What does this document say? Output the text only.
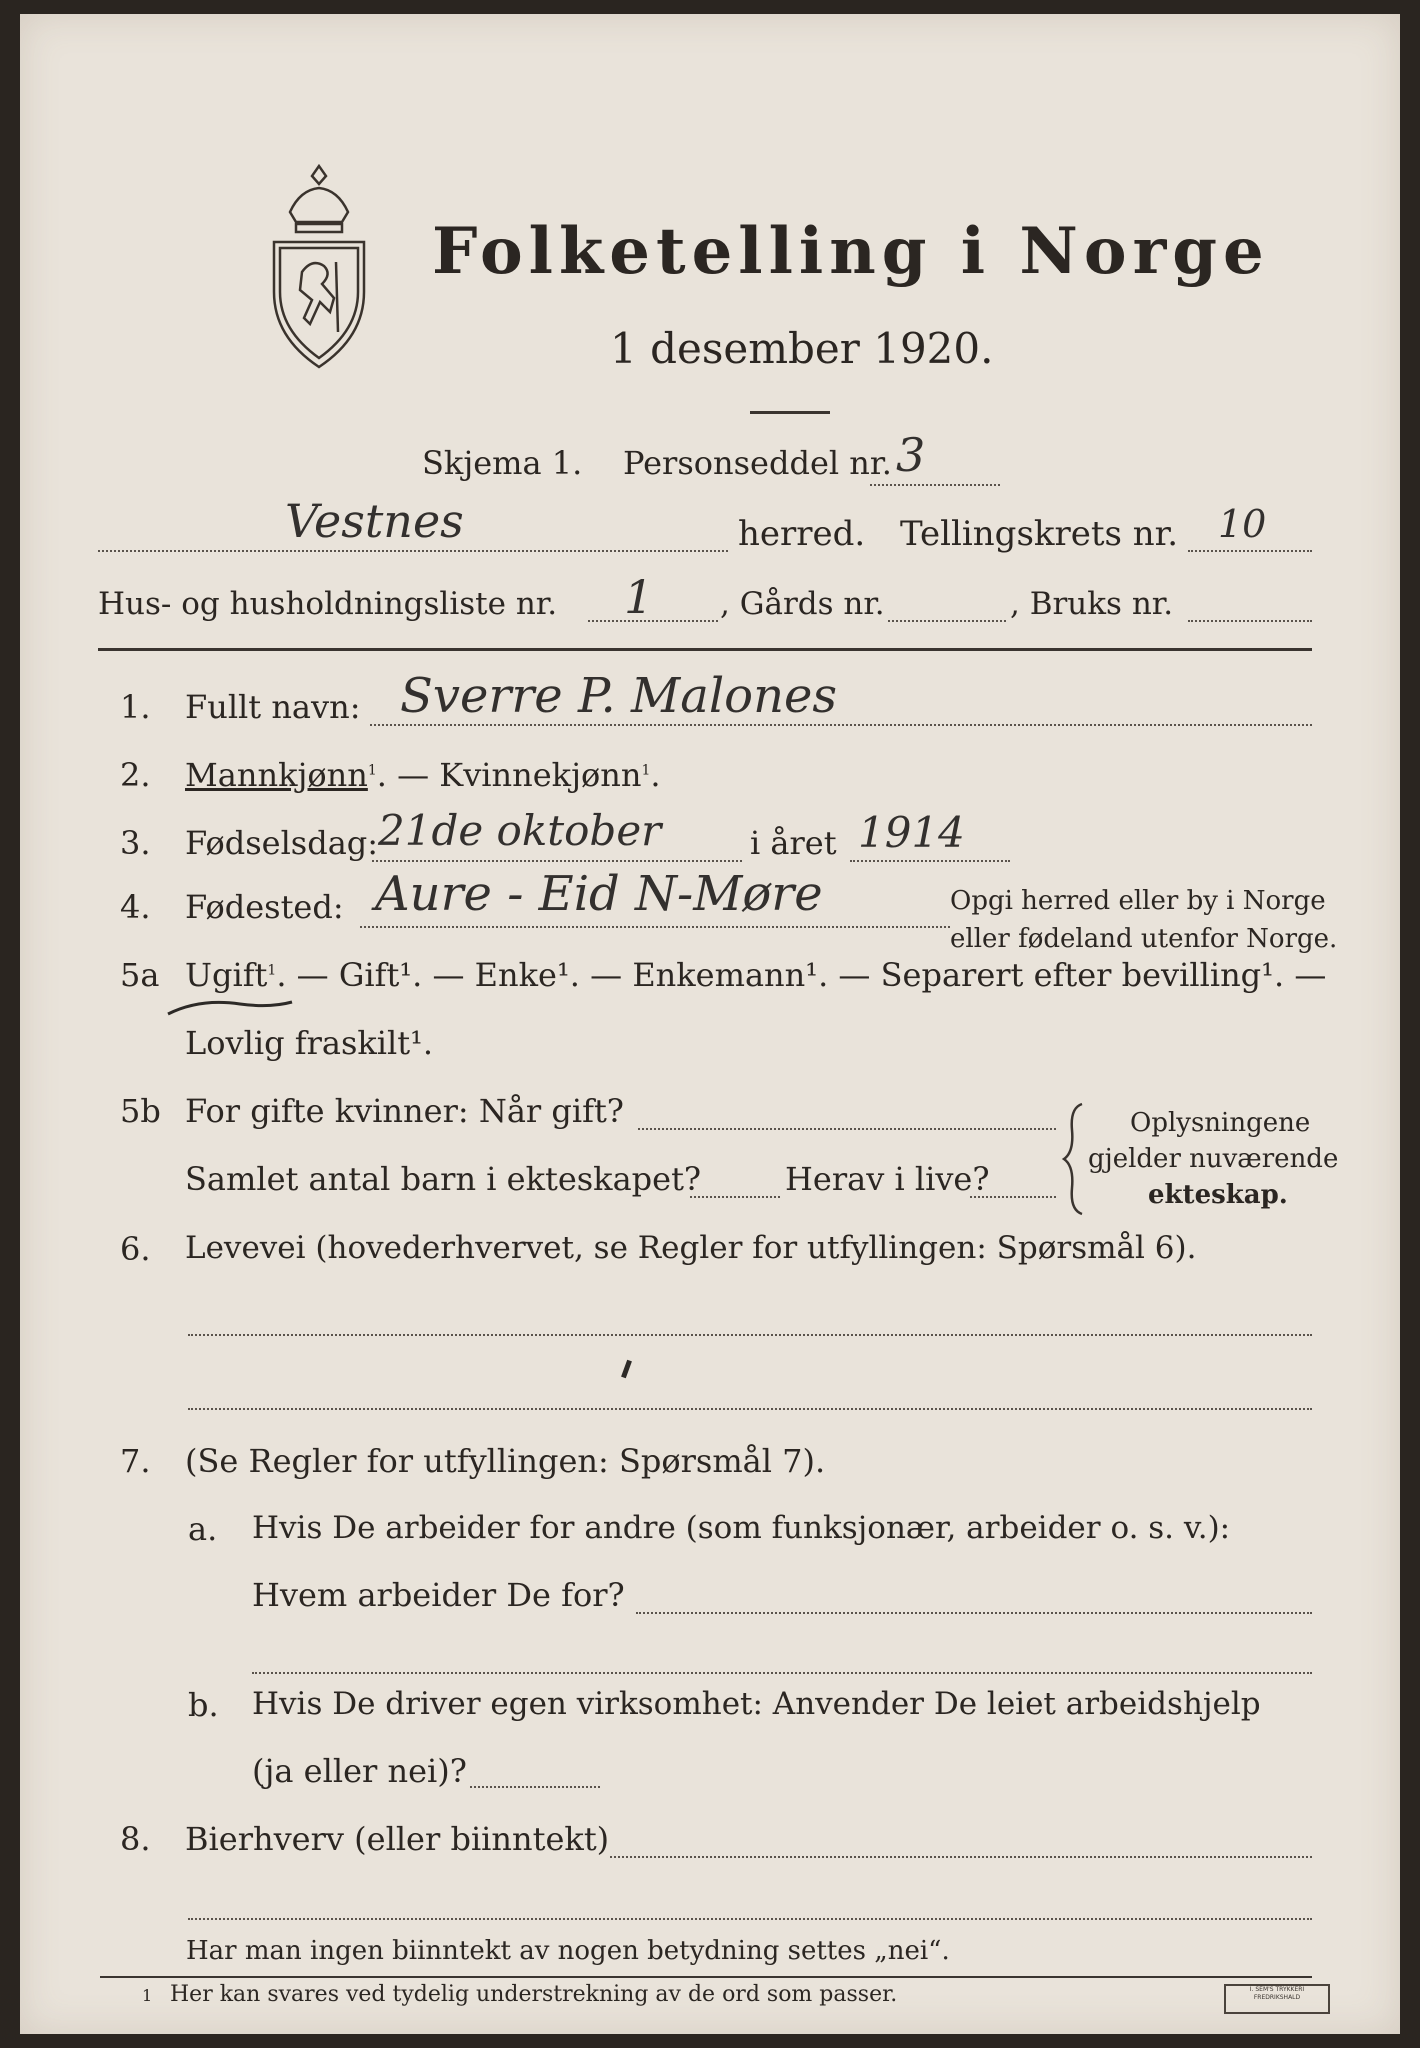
Folketelling i Norge
1 desember 1920.
Skjema 1. Personseddel nr. 3
Vestnes	herred. Tellingskrets nr. 10
Hus- og husholdningsliste nr. 1 , Gårds nr.	, Bruks nr.
1. Fullt navn: Sverre P. Malones
2. Mannkjønn$^1$. — Kvinnekjønn$^1$.
3. Fødselsdag: 21de oktober	i året 1914
4. Fødested: Aure - Eid N-Møre	Opgi herred eller by i Norge
eller fødeland utenfor Norge.
5a Ugift$^1$. — Gift¹. — Enke¹. — Enkemann¹. — Separert efter bevilling¹. —
Lovlig fraskilt¹.
5b For gifte kvinner: Når gift?
Samlet antal barn i ekteskapet?	Herav i live?
Oplysningene
gjelder nuværende
ekteskap.
6. Levevei (hovederhvervet, se Regler for utfyllingen: Spørsmål 6).
7. (Se Regler for utfyllingen: Spørsmål 7).
a. Hvis De arbeider for andre (som funksjonær, arbeider o. s. v.):
Hvem arbeider De for?
b. Hvis De driver egen virksomhet: Anvender De leiet arbeidshjelp
(ja eller nei)?
8. Bierhverv (eller biinntekt)
Har man ingen biinntekt av nogen betydning settes „nei“.
1 Her kan svares ved tydelig understrekning av de ord som passer.	I. SEM'S TRYKKERI FREDRIKSHALD
